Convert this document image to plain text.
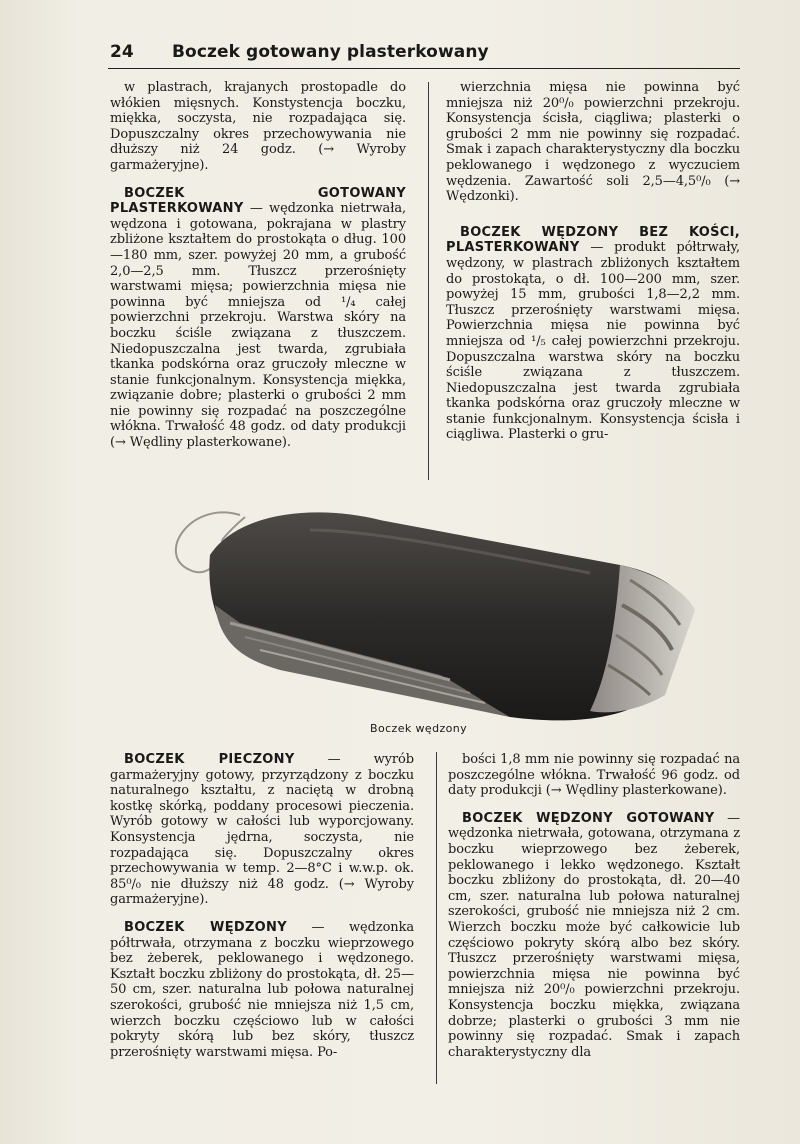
24 Boczek gotowany plasterkowany

w plastrach, krajanych prostopadle do włókien mięsnych. Konstystencja boczku, miękka, soczysta, nie rozpadająca się. Dopuszczalny okres przechowywania nie dłuższy niż 24 godz. (→ Wyroby garmażeryjne).

BOCZEK GOTOWANY PLASTERKOWANY — wędzonka nietrwała, wędzona i gotowana, pokrajana w plastry zbliżone kształtem do prostokąta o dług. 100—180 mm, szer. powyżej 20 mm, a grubość 2,0—2,5 mm. Tłuszcz przerośnięty warstwami mięsa; powierzchnia mięsa nie powinna być mniejsza od ¹/₄ całej powierzchni przekroju. Warstwa skóry na boczku ściśle związana z tłuszczem. Niedopuszczalna jest twarda, zgrubiała tkanka podskórna oraz gruczoły mleczne w stanie funkcjonalnym. Konsystencja miękka, związanie dobre; plasterki o grubości 2 mm nie powinny się rozpadać na poszczególne włókna. Trwałość 48 godz. od daty produkcji (→ Wędliny plasterkowane).

wierzchnia mięsa nie powinna być mniejsza niż 20⁰/₀ powierzchni przekroju. Konsystencja ścisła, ciągliwa; plasterki o grubości 2 mm nie powinny się rozpadać. Smak i zapach charakterystyczny dla boczku peklowanego i wędzonego z wyczuciem wędzenia. Zawartość soli 2,5—4,5⁰/₀ (→ Wędzonki).

BOCZEK WĘDZONY BEZ KOŚCI, PLASTERKOWANY — produkt półtrwały, wędzony, w plastrach zbliżonych kształtem do prostokąta, o dł. 100—200 mm, szer. powyżej 15 mm, grubości 1,8—2,2 mm. Tłuszcz przerośnięty warstwami mięsa. Powierzchnia mięsa nie powinna być mniejsza od ¹/₅ całej powierzchni przekroju. Dopuszczalna warstwa skóry na boczku ściśle związana z tłuszczem. Niedopuszczalna jest twarda zgrubiała tkanka podskórna oraz gruczoły mleczne w stanie funkcjonalnym. Konsystencja ścisła i ciągliwa. Plasterki o gru-

Boczek wędzony

BOCZEK PIECZONY — wyrób garmażeryjny gotowy, przyrządzony z boczku naturalnego kształtu, z naciętą w drobną kostkę skórką, poddany procesowi pieczenia. Wyrób gotowy w całości lub wyporcjowany. Konsystencja jędrna, soczysta, nie rozpadająca się. Dopuszczalny okres przechowywania w temp. 2—8°C i w.w.p. ok. 85⁰/₀ nie dłuższy niż 48 godz. (→ Wyroby garmażeryjne).

BOCZEK WĘDZONY — wędzonka półtrwała, otrzymana z boczku wieprzowego bez żeberek, peklowanego i wędzonego. Kształt boczku zbliżony do prostokąta, dł. 25—50 cm, szer. naturalna lub połowa naturalnej szerokości, grubość nie mniejsza niż 1,5 cm, wierzch boczku częściowo lub w całości pokryty skórą lub bez skóry, tłuszcz przerośnięty warstwami mięsa. Po-

bości 1,8 mm nie powinny się rozpadać na poszczególne włókna. Trwałość 96 godz. od daty produkcji (→ Wędliny plasterkowane).

BOCZEK WĘDZONY GOTOWANY — wędzonka nietrwała, gotowana, otrzymana z boczku wieprzowego bez żeberek, peklowanego i lekko wędzonego. Kształt boczku zbliżony do prostokąta, dł. 20—40 cm, szer. naturalna lub połowa naturalnej szerokości, grubość nie mniejsza niż 2 cm. Wierzch boczku może być całkowicie lub częściowo pokryty skórą albo bez skóry. Tłuszcz przerośnięty warstwami mięsa, powierzchnia mięsa nie powinna być mniejsza niż 20⁰/₀ powierzchni przekroju. Konsystencja boczku miękka, związana dobrze; plasterki o grubości 3 mm nie powinny się rozpadać. Smak i zapach charakterystyczny dla
